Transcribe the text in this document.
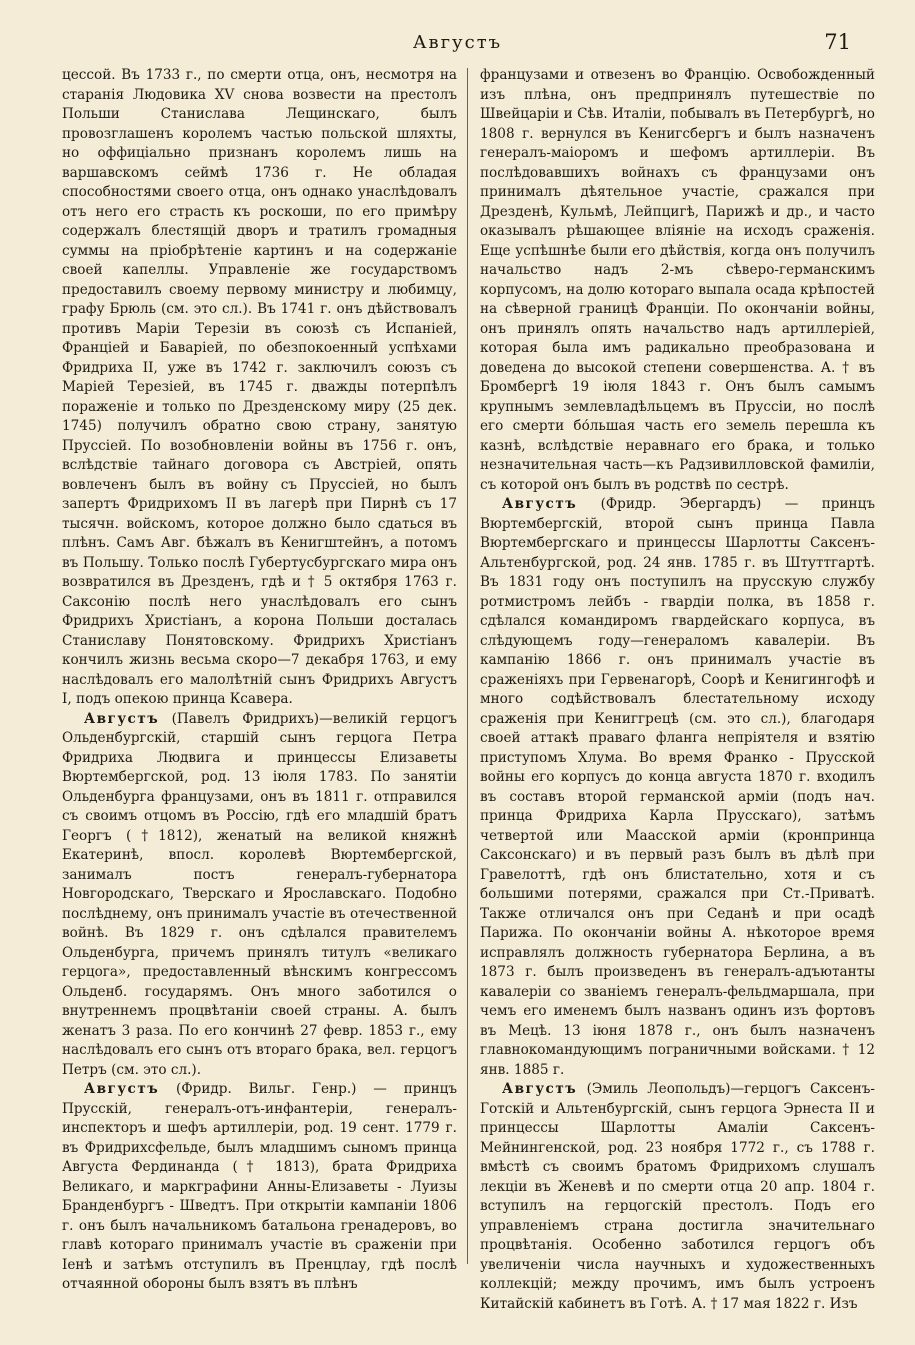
Августъ	71

цессой. Въ 1733 г., по смерти отца, онъ, несмотря на старанія Людовика XV снова возвести на престолъ Польши Станислава Лещинскаго, былъ провозглашенъ королемъ частью польской шляхты, но оффиціально признанъ королемъ лишь на варшавскомъ сеймѣ 1736 г. Не обладая способностями своего отца, онъ однако унаслѣдовалъ отъ него его страсть къ роскоши, по его примѣру содержалъ блестящій дворъ и тратилъ громадныя суммы на пріобрѣтеніе картинъ и на содержаніе своей капеллы. Управленіе же государствомъ предоставилъ своему первому министру и любимцу, графу Брюль (см. это сл.). Въ 1741 г. онъ дѣйствовалъ противъ Маріи Терезіи въ союзѣ съ Испаніей, Франціей и Баваріей, по обезпокоенный успѣхами Фридриха II, уже въ 1742 г. заключилъ союзъ съ Маріей Терезіей, въ 1745 г. дважды потерпѣлъ пораженіе и только по Дрезденскому миру (25 дек. 1745) получилъ обратно свою страну, занятую Пруссіей. По возобновленіи войны въ 1756 г. онъ, вслѣдствіе тайнаго договора съ Австріей, опять вовлеченъ былъ въ войну съ Пруссіей, но былъ запертъ Фридрихомъ II въ лагерѣ при Пирнѣ съ 17 тысячн. войскомъ, которое должно было сдаться въ плѣнъ. Самъ Авг. бѣжалъ въ Кенигштейнъ, а потомъ въ Польшу. Только послѣ Губертусбургскаго мира онъ возвратился въ Дрезденъ, гдѣ и † 5 октября 1763 г. Саксонію послѣ него унаслѣдовалъ его сынъ Фридрихъ Христіанъ, а корона Польши досталась Станиславу Понятовскому. Фридрихъ Христіанъ кончилъ жизнь весьма скоро—7 декабря 1763, и ему наслѣдовалъ его малолѣтній сынъ Фридрихъ Августъ I, подъ опекою принца Ксавера.

Августъ (Павелъ Фридрихъ)—великій герцогъ Ольденбургскій, старшій сынъ герцога Петра Фридриха Людвига и принцессы Елизаветы Вюртембергской, род. 13 іюля 1783. По занятіи Ольденбурга французами, онъ въ 1811 г. отправился съ своимъ отцомъ въ Россію, гдѣ его младшій братъ Георгъ (†1812), женатый на великой княжнѣ Екатеринѣ, впосл. королевѣ Вюртембергской, занималъ постъ генералъ-губернатора Новгородскаго, Тверскаго и Ярославскаго. Подобно послѣднему, онъ принималъ участіе въ отечественной войнѣ. Въ 1829 г. онъ сдѣлался правителемъ Ольденбурга, причемъ принялъ титулъ «великаго герцога», предоставленный вѣнскимъ конгрессомъ Ольденб. государямъ. Онъ много заботился о внутреннемъ процвѣтаніи своей страны. А. былъ женатъ 3 раза. По его кончинѣ 27 февр. 1853 г., ему наслѣдовалъ его сынъ отъ втораго брака, вел. герцогъ Петръ (см. это сл.).

Августъ (Фридр. Вильг. Генр.) — принцъ Прусскій, генералъ-отъ-инфантеріи, генералъ-инспекторъ и шефъ артиллеріи, род. 19 сент. 1779 г. въ Фридрихсфельде, былъ младшимъ сыномъ принца Августа Фердинанда († 1813), брата Фридриха Великаго, и маркграфини Анны-Елизаветы - Луизы Бранденбургъ - Шведтъ. При открытіи кампаніи 1806 г. онъ былъ начальникомъ батальона гренадеровъ, во главѣ котораго принималъ участіе въ сраженіи при Іенѣ и затѣмъ отступилъ въ Пренцлау, гдѣ послѣ отчаянной обороны былъ взятъ въ плѣнъ

французами и отвезенъ во Францію. Освобожденный изъ плѣна, онъ предпринялъ путешествіе по Швейцаріи и Сѣв. Италіи, побывалъ въ Петербургѣ, но 1808 г. вернулся въ Кенигсбергъ и былъ назначенъ генералъ-маіоромъ и шефомъ артиллеріи. Въ послѣдовавшихъ войнахъ съ французами онъ принималъ дѣятельное участіе, сражался при Дрезденѣ, Кульмѣ, Лейпцигѣ, Парижѣ и др., и часто оказывалъ рѣшающее вліяніе на исходъ сраженія. Еще успѣшнѣе были его дѣйствія, когда онъ получилъ начальство надъ 2-мъ сѣверо-германскимъ корпусомъ, на долю котораго выпала осада крѣпостей на сѣверной границѣ Франціи. По окончаніи войны, онъ принялъ опять начальство надъ артиллеріей, которая была имъ радикально преобразована и доведена до высокой степени совершенства. А. † въ Бромбергѣ 19 іюля 1843 г. Онъ былъ самымъ крупнымъ землевладѣльцемъ въ Пруссіи, но послѣ его смерти бо́льшая часть его земель перешла къ казнѣ, вслѣдствіе неравнаго его брака, и только незначительная часть—къ Радзивилловской фамиліи, съ которой онъ былъ въ родствѣ по сестрѣ.

Августъ (Фридр. Эбергардъ) — принцъ Вюртембергскій, второй сынъ принца Павла Вюртембергскаго и принцессы Шарлотты Саксенъ-Альтенбургской, род. 24 янв. 1785 г. въ Штуттгартѣ. Въ 1831 году онъ поступилъ на прусскую службу ротмистромъ лейбъ - гвардіи полка, въ 1858 г. сдѣлался командиромъ гвардейскаго корпуса, въ слѣдующемъ году—генераломъ кавалеріи. Въ кампанію 1866 г. онъ принималъ участіе въ сраженіяхъ при Гервенагорѣ, Соорѣ и Кенигингофѣ и много содѣйствовалъ блестательному исходу сраженія при Кениггрецѣ (см. это сл.), благодаря своей аттакѣ праваго фланга непріятеля и взятію приступомъ Хлума. Во время Франко - Прусской войны его корпусъ до конца августа 1870 г. входилъ въ составъ второй германской арміи (подъ нач. принца Фридриха Карла Прусскаго), затѣмъ четвертой или Маасской арміи (кронпринца Саксонскаго) и въ первый разъ былъ въ дѣлѣ при Гравелоттѣ, гдѣ онъ блистательно, хотя и съ большими потерями, сражался при Ст.-Приватѣ. Также отличался онъ при Седанѣ и при осадѣ Парижа. По окончаніи войны А. нѣкоторое время исправлялъ должность губернатора Берлина, а въ 1873 г. былъ произведенъ въ генералъ-адъютанты кавалеріи со званіемъ генералъ-фельдмаршала, при чемъ его именемъ былъ названъ одинъ изъ фортовъ въ Мецѣ. 13 іюня 1878 г., онъ былъ назначенъ главнокомандующимъ пограничными войсками. † 12 янв. 1885 г.

Августъ (Эмиль Леопольдъ)—герцогъ Саксенъ-Готскій и Альтенбургскій, сынъ герцога Эрнеста II и принцессы Шарлотты Амаліи Саксенъ-Мейнингенской, род. 23 ноября 1772 г., съ 1788 г. вмѣстѣ съ своимъ братомъ Фридрихомъ слушалъ лекціи въ Женевѣ и по смерти отца 20 апр. 1804 г. вступилъ на герцогскій престолъ. Подъ его управленіемъ страна достигла значительнаго процвѣтанія. Особенно заботился герцогъ объ увеличеніи числа научныхъ и художественныхъ коллекцій; между прочимъ, имъ былъ устроенъ Китайскій кабинетъ въ Готѣ. А. † 17 мая 1822 г. Изъ
